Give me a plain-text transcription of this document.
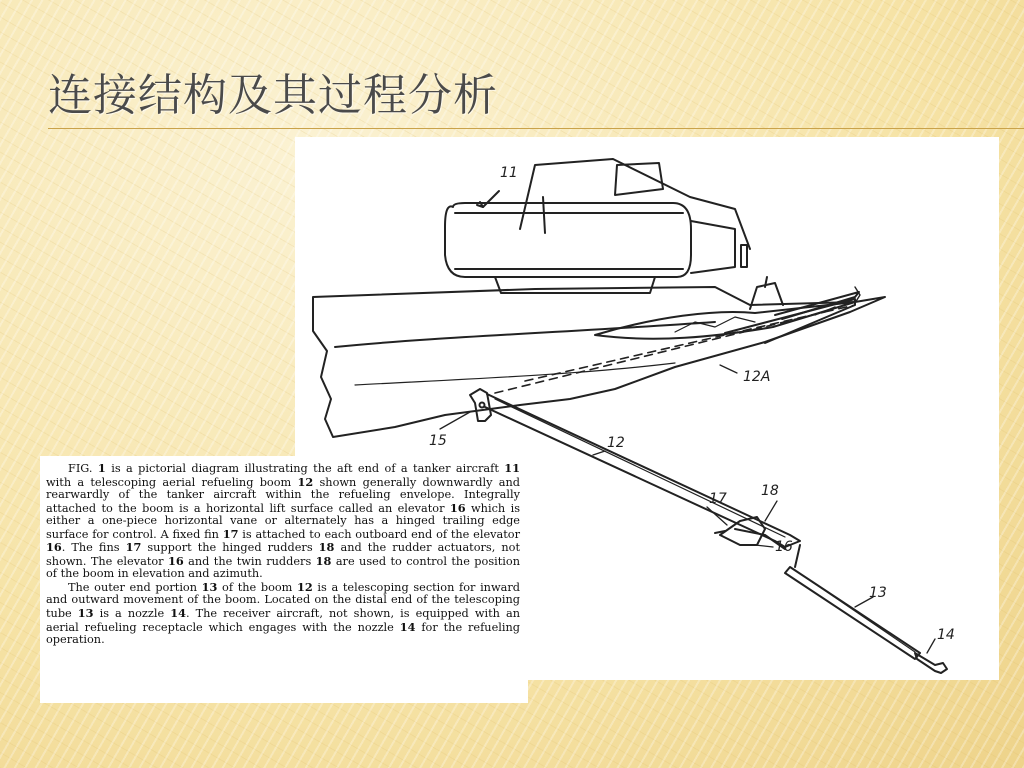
连接结构及其过程分析
11
12
12A
13
14
15
16
17 18

FIG. 1 is a pictorial diagram illustrating the aft end of a tanker aircraft 11 with a telescoping aerial refueling boom 12 shown generally downwardly and rearwardly of the tanker aircraft within the refueling envelope. Integrally attached to the boom is a horizontal lift surface called an elevator 16 which is either a one-piece horizontal vane or alternately has a hinged trailing edge surface for control. A fixed fin 17 is attached to each outboard end of the elevator 16. The fins 17 support the hinged rudders 18 and the rudder actuators, not shown. The elevator 16 and the twin rudders 18 are used to control the position of the boom in elevation and azimuth.

The outer end portion 13 of the boom 12 is a telescoping section for inward and outward movement of the boom. Located on the distal end of the telescoping tube 13 is a nozzle 14. The receiver aircraft, not shown, is equipped with an aerial refueling receptacle which engages with the nozzle 14 for the refueling operation.
